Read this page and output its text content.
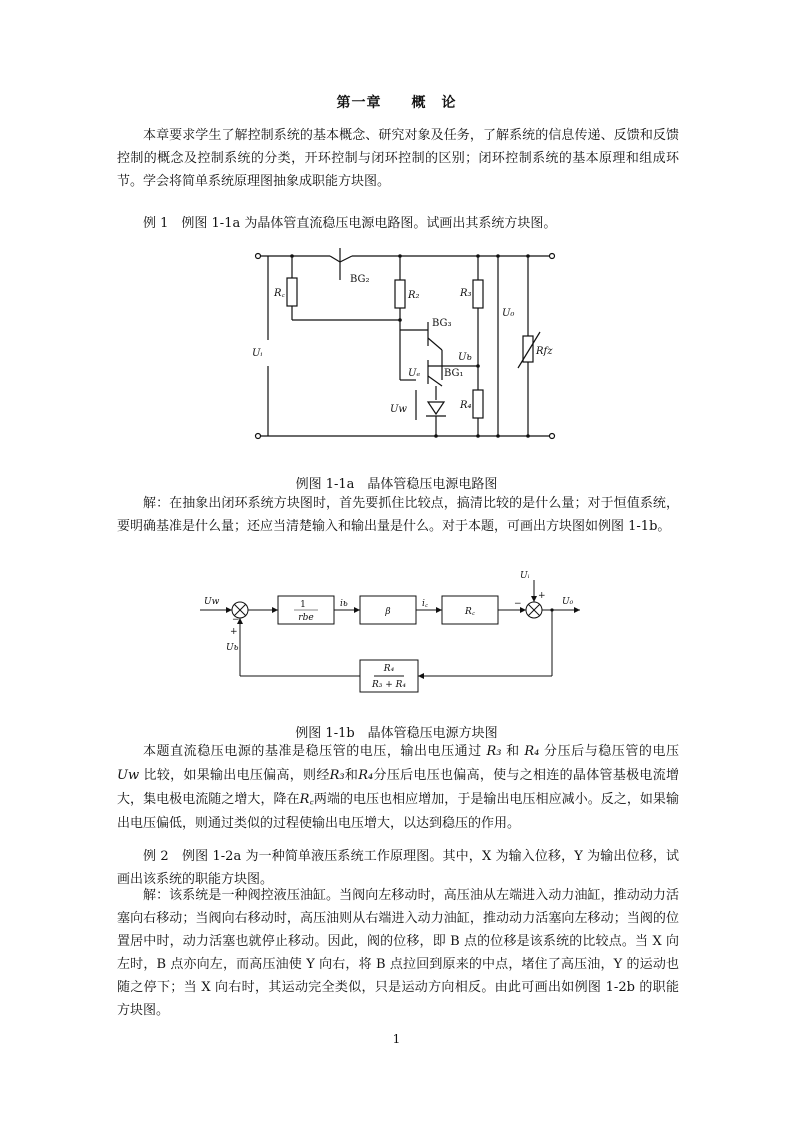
第一章　　概　论

本章要求学生了解控制系统的基本概念、研究对象及任务，了解系统的信息传递、反馈和反馈控制的概念及控制系统的分类，开环控制与闭环控制的区别；闭环控制系统的基本原理和组成环节。学会将简单系统原理图抽象成职能方块图。

例 1　例图 1-1a 为晶体管直流稳压电源电路图。试画出其系统方块图。

R꜀
BG₂
R₂	R₃
U₀
BG₃
Uᵢ	Rfz
Uь
Uₑ BG₁
Uw	R₄
例图 1-1a　晶体管稳压电源电路图

解：在抽象出闭环系统方块图时，首先要抓住比较点，搞清比较的是什么量；对于恒值系统，要明确基准是什么量；还应当清楚输入和输出量是什么。对于本题，可画出方块图如例图 1-1b。

Uw
+
−
Uь
1
rbe
iь
β
i꜀
R꜀
Uᵢ
+
−	U₀
R₄
R₃ + R₄
例图 1-1b　晶体管稳压电源方块图

本题直流稳压电源的基准是稳压管的电压，输出电压通过 R₃ 和 R₄ 分压后与稳压管的电压 Uw 比较，如果输出电压偏高，则经R₃和R₄分压后电压也偏高，使与之相连的晶体管基极电流增大，集电极电流随之增大，降在R꜀两端的电压也相应增加，于是输出电压相应减小。反之，如果输出电压偏低，则通过类似的过程使输出电压增大，以达到稳压的作用。

例 2　例图 1-2a 为一种简单液压系统工作原理图。其中，X 为输入位移，Y 为输出位移，试画出该系统的职能方块图。

解：该系统是一种阀控液压油缸。当阀向左移动时，高压油从左端进入动力油缸，推动动力活塞向右移动；当阀向右移动时，高压油则从右端进入动力油缸，推动动力活塞向左移动；当阀的位置居中时，动力活塞也就停止移动。因此，阀的位移，即 B 点的位移是该系统的比较点。当 X 向左时，B 点亦向左，而高压油使 Y 向右，将 B 点拉回到原来的中点，堵住了高压油，Y 的运动也随之停下；当 X 向右时，其运动完全类似，只是运动方向相反。由此可画出如例图 1-2b 的职能方块图。

1
